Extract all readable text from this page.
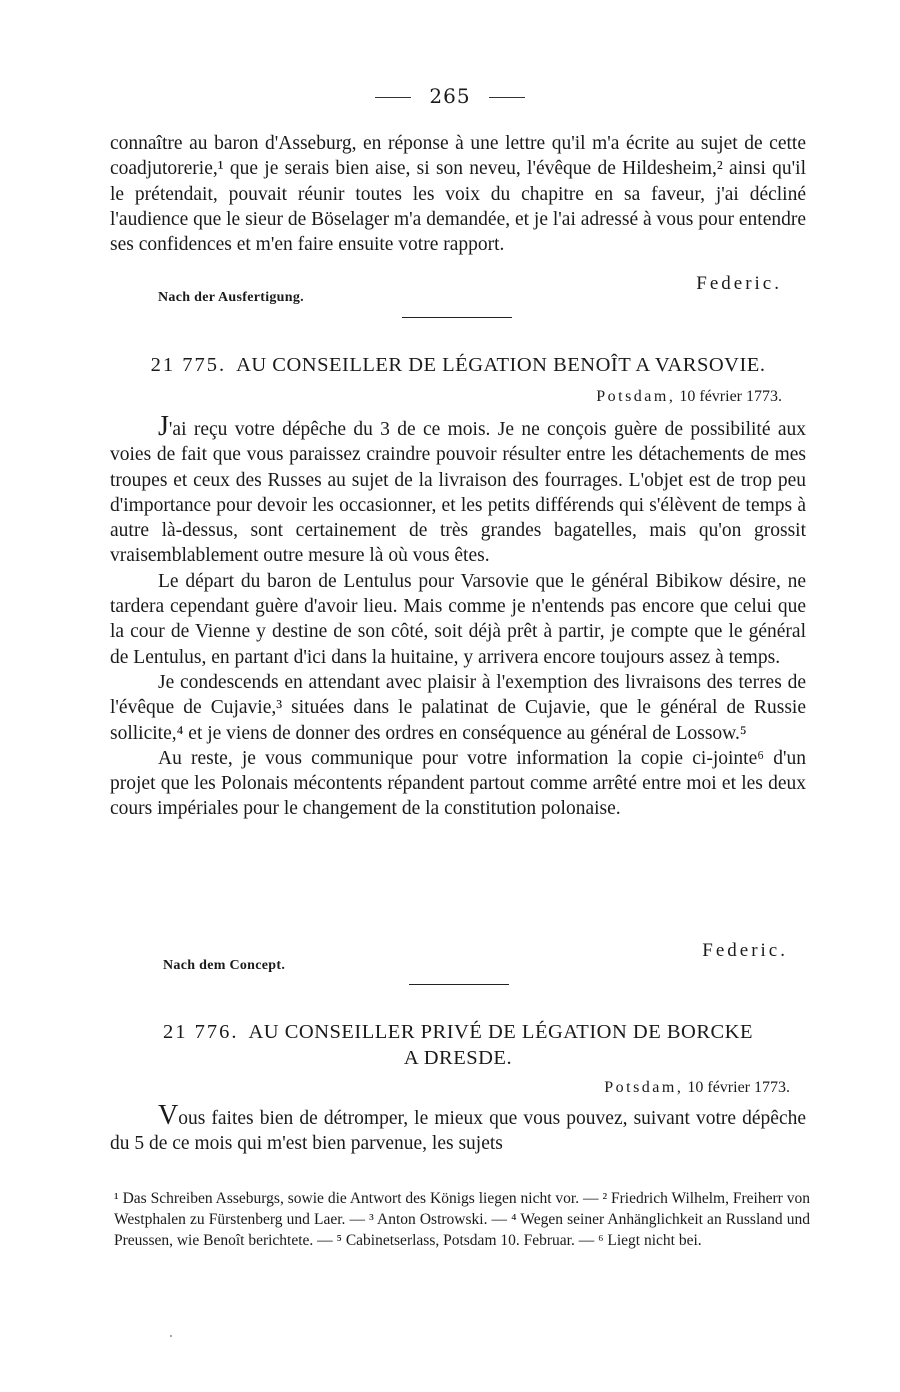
265

connaître au baron d'Asseburg, en réponse à une lettre qu'il m'a écrite au sujet de cette coadjutorerie,¹ que je serais bien aise, si son neveu, l'évêque de Hildesheim,² ainsi qu'il le prétendait, pouvait réunir toutes les voix du chapitre en sa faveur, j'ai décliné l'audience que le sieur de Böselager m'a demandée, et je l'ai adressé à vous pour entendre ses confidences et m'en faire ensuite votre rapport.

Federic.
Nach der Ausfertigung.
21 775. AU CONSEILLER DE LÉGATION BENOÎT A VARSOVIE.
Potsdam, 10 février 1773.

J'ai reçu votre dépêche du 3 de ce mois. Je ne conçois guère de possibilité aux voies de fait que vous paraissez craindre pouvoir résulter entre les détachements de mes troupes et ceux des Russes au sujet de la livraison des fourrages. L'objet est de trop peu d'importance pour devoir les occasionner, et les petits différends qui s'élèvent de temps à autre là-dessus, sont certainement de très grandes bagatelles, mais qu'on grossit vraisemblablement outre mesure là où vous êtes.

Le départ du baron de Lentulus pour Varsovie que le général Bibikow désire, ne tardera cependant guère d'avoir lieu. Mais comme je n'entends pas encore que celui que la cour de Vienne y destine de son côté, soit déjà prêt à partir, je compte que le général de Lentulus, en partant d'ici dans la huitaine, y arrivera encore toujours assez à temps.

Je condescends en attendant avec plaisir à l'exemption des livraisons des terres de l'évêque de Cujavie,³ situées dans le palatinat de Cujavie, que le général de Russie sollicite,⁴ et je viens de donner des ordres en conséquence au général de Lossow.⁵

Au reste, je vous communique pour votre information la copie ci-jointe⁶ d'un projet que les Polonais mécontents répandent partout comme arrêté entre moi et les deux cours impériales pour le changement de la constitution polonaise.

Federic.
Nach dem Concept.
21 776. AU CONSEILLER PRIVÉ DE LÉGATION DE BORCKE
A DRESDE.
Potsdam, 10 février 1773.

Vous faites bien de détromper, le mieux que vous pouvez, suivant votre dépêche du 5 de ce mois qui m'est bien parvenue, les sujets

¹ Das Schreiben Asseburgs, sowie die Antwort des Königs liegen nicht vor. — ² Friedrich Wilhelm, Freiherr von Westphalen zu Fürstenberg und Laer. — ³ Anton Ostrowski. — ⁴ Wegen seiner Anhänglichkeit an Russland und Preussen, wie Benoît berichtete. — ⁵ Cabinetserlass, Potsdam 10. Februar. — ⁶ Liegt nicht bei.
